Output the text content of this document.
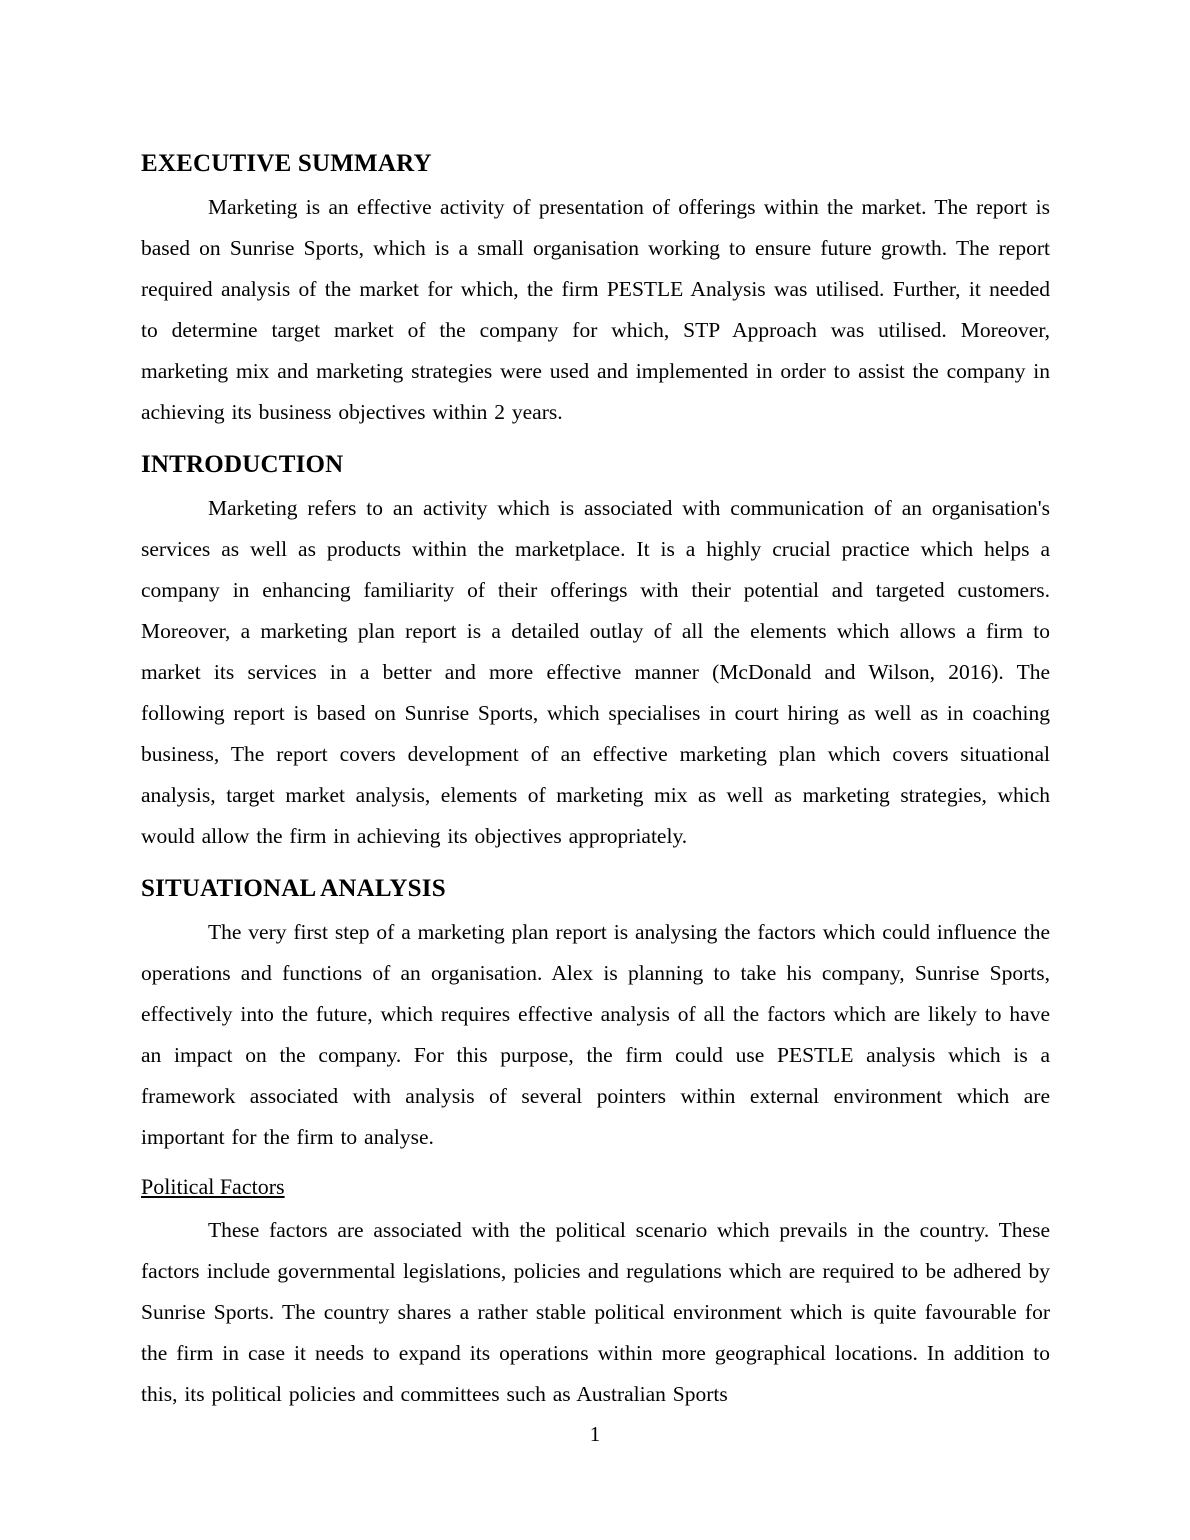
EXECUTIVE SUMMARY

Marketing is an effective activity of presentation of offerings within the market. The report is based on Sunrise Sports, which is a small organisation working to ensure future growth. The report required analysis of the market for which, the firm PESTLE Analysis was utilised. Further, it needed to determine target market of the company for which, STP Approach was utilised. Moreover, marketing mix and marketing strategies were used and implemented in order to assist the company in achieving its business objectives within 2 years.

INTRODUCTION

Marketing refers to an activity which is associated with communication of an organisation's services as well as products within the marketplace. It is a highly crucial practice which helps a company in enhancing familiarity of their offerings with their potential and targeted customers. Moreover, a marketing plan report is a detailed outlay of all the elements which allows a firm to market its services in a better and more effective manner (McDonald and Wilson, 2016). The following report is based on Sunrise Sports, which specialises in court hiring as well as in coaching business, The report covers development of an effective marketing plan which covers situational analysis, target market analysis, elements of marketing mix as well as marketing strategies, which would allow the firm in achieving its objectives appropriately.

SITUATIONAL ANALYSIS

The very first step of a marketing plan report is analysing the factors which could influence the operations and functions of an organisation. Alex is planning to take his company, Sunrise Sports, effectively into the future, which requires effective analysis of all the factors which are likely to have an impact on the company. For this purpose, the firm could use PESTLE analysis which is a framework associated with analysis of several pointers within external environment which are important for the firm to analyse.

Political Factors

These factors are associated with the political scenario which prevails in the country. These factors include governmental legislations, policies and regulations which are required to be adhered by Sunrise Sports. The country shares a rather stable political environment which is quite favourable for the firm in case it needs to expand its operations within more geographical locations. In addition to this, its political policies and committees such as Australian Sports

1
